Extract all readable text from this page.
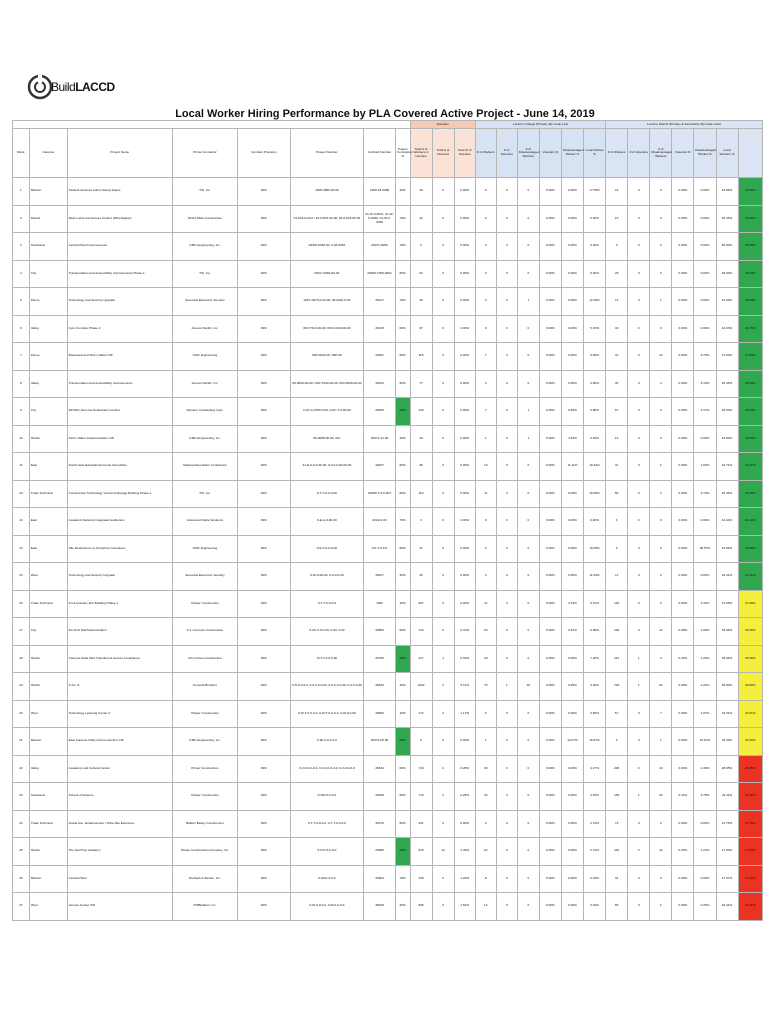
BuildLACCD
Local Worker Hiring Performance by PLA Covered Active Project - June 14, 2019
								Veterans			Local to College (Primary Zip Code List)						Local to District (Primary & Secondary Zip Code Lists)						
Rank	Campus	Project Name	Prime Contractor	Contract Provision	Project Number	Contract Number	Project Completion %	Total # of Workers in Campus	Total # of Veterans	Total % of Veterans	# of Workers	# of Veterans	# of Disadvantaged Workers	Veterans %	Disadvantaged Worker %	Local Worker %	# of Workers	# of Veterans	# of Disadvantaged Workers	Veterans %	Disadvantaged Worker %	Local Workers %	
1	Mission	Student Services Admin Swing Space	TSI, Inc.	30%	19MI-0986-00-00	19MI-18-0986	30%	49	0	0.00%	0	0	0	0.00%	0.00%	77.55%	21	0	0	0.00%	0.00%	42.86%	42.86%
2	District	Rear Locks and Access Control (Pilot Region)	World Wide Construction	30%	01-DIS-0-00-0 / 01-0-DIS-00-00, 01-0-DIS-00-00	01-W-0-0021, 01-W-0-0026, 01-W-0-0038	70%	22	0	0.00%	0	0	0	0.00%	0.00%	0.00%	10	0	0	0.00%	0.00%	45.45%	45.45%
3	Southwest	Central Plant Improvements	GMC Engineering, Inc.	30%	06SW-0038-00, 0-06-0062	20071-0050	70%	5	0	0.00%	0	0	0	0.00%	0.00%	0.00%	3	0	0	0.00%	0.00%	60.00%	60.00%
4	City	Transportation and Accessibility Improvements Phase 1	TSI, Inc.	30%	06CC-0069-00-00	20066-T000-0001	80%	63	0	0.00%	0	0	0	0.00%	0.00%	0.00%	29	0	0	0.00%	0.00%	46.03%	46.03%
5	Pierce	Technology and Security Upgrade	Securitas Electronic Security	30%	19PL-0075-0-02-00, 06-0061-0-00	33017	70%	25	0	0.00%	3	0	1	0.00%	0.00%	12.00%	11	0	1	0.00%	0.00%	44.00%	44.00%
6	Valley	Gym Complex Phase 2	Access Pacific, Inc.	30%	06V-T5-D-00-00, 06V-0-000-00-00	33015	60%	97	0	0.00%	0	0	0	0.00%	0.00%	5.15%	43	0	0	0.00%	0.00%	44.33%	44.33%
7	Pierce	Boulevard and Storm Water CIP	GMC Engineering	30%	06P-0062-00, 06P-00	34061	60%	115	0	0.00%	7	0	0	0.00%	0.00%	6.09%	41	0	10	0.00%	8.70%	47.83%	47.83%
8	Valley	Transportation and Accessibility Improvements	Access Pacific, Inc.	30%	06-0060-00-00 / 06V-T020-00-00, 06V-0000-00-00	34032	50%	77	0	0.00%	3	0	0	0.00%	0.00%	3.90%	35	0	4	0.00%	5.19%	45.45%	45.45%
9	City	Wrh/RG Net Line Pedestrian Corridor	Western Contracting Corp.	30%	0-0C-A-0758-0-00, 0-0C-T-0-00-00	33826	90%	144	0	0.00%	7	0	1	0.00%	0.69%	4.86%	67	0	6	0.00%	4.17%	46.53%	46.53%
10	Harbor	Storm Water Implementation CIP	GMC Engineering, Inc.	30%	06-0088-00-00, 06L	20072-12-00	40%	29	0	0.00%	1	0	1	0.00%	3.45%	3.45%	13	0	0	0.00%	0.00%	44.83%	44.83%
11	East	South Gate Educational Center Demolition	National Demolition Contractors	30%	21-E-0-0-0-00-00, 0-0-0-0-00-00-00	34027	60%	96	0	0.00%	10	0	0	0.00%	11.11%	10.42%	41	0	1	0.00%	1.04%	42.71%	42.71%
12	Trade Technical	Construction Technology Yard and Storage Building Phase 1	TSI, Inc.	30%	0-T-T-0-0-0-00	20068-T-0-0-00T	80%	110	0	0.00%	11	0	0	0.00%	9.09%	10.00%	50	0	3	0.00%	2.73%	45.45%	45.45%
13	East	Academic Network Integrated Auditorium	Advanced Cable Solutions	30%	0-E-A-0-00-00	2022-0-00	70%	3	0	0.00%	0	0	0	0.00%	0.00%	0.00%	4	0	0	0.00%	0.00%	44.44%	44.44%
14	East	Site Restrictions on Nonprime Completes	GMC Engineering	30%	0-E-T-0-0-0-00	0-0-T-0-0-0	60%	21	0	0.00%	0	0	0	0.00%	0.00%	19.05%	9	0	0	0.00%	28.57%	42.86%	42.86%
15	West	Technology and Security Upgrade	Securitas Electronic Security	30%	0-W-0-00-00, 0-0-0-0-00	33017	40%	26	0	0.00%	3	0	0	0.00%	0.00%	11.54%	11	0	0	0.00%	0.00%	42.31%	42.31%
16	Trade Technical	Art & Culinary Arts Building Phase 1	Harper Construction	30%	0-T-T-0-0-0-0	39M	10%	207	0	0.00%	11	0	0	0.00%	3.76%	5.31%	120	0	0	0.00%	2.42%	37.68%	37.68%
17	City	Da Vinci Hall Modernization	S.J. Amoroso Construction	30%	0-0C-0-0-0-00, 0-0C-T-00	33883	80%	715	0	0.70%	20	0	0	0.00%	0.42%	6.99%	193	0	14	0.28%	1.96%	35.66%	35.66%
18	Harbor	Campus-Wide ADA Transition & Access Compliance	Omni Rose Construction	30%	0-H-T-0-0-0-00	33795	99%	317	1	0.32%	29	0	0	0.00%	0.00%	7.26%	114	1	4	0.32%	1.26%	35.96%	35.96%
19	Harbor	S.A.L.S.	Kemeda Brothers	30%	0-H-0-0-0-0, 0-0-0-0-0-00, 0-0-0-0-0-00, 0-0-0-0-00	33844	30%	1902	2	0.11%	75	1	18	0.05%	0.95%	4.00%	700	1	24	0.05%	1.26%	36.80%	36.80%
20	West	Technology Learning Center 2	Harper Construction	30%	0-W-T-0-0-0-0, 0-W-T-0-0-0-0, 0-W-0-0-00	33806	10%	172	2	1.17%	6	0	0	0.00%	0.00%	4.65%	57	0	7	0.00%	4.07%	34.01%	34.01%
21	Mission	East Campus Utility Interconnection CIP	GMC Engineering, Inc.	30%	0-MI-0-0-0-0-0	20072-MI-00	90%	6	0	0.00%	1	0	0	0.00%	16.67%	16.67%	2	0	1	0.00%	16.67%	33.33%	33.33%
22	Valley	Academic and Cultural Center	Pinner Construction	30%	0-V-0-0-0-0-0, 0-V-0-0-0-0-0, 0-V-0-0-0-0	33844	60%	719	2	0.28%	30	0	0	0.00%	0.00%	4.17%	206	0	10	0.00%	1.39%	28.65%	28.65%
23	Southwest	School of Science	Harper Construction	30%	0-SW-0-0-0-0	33348	60%	719	2	0.28%	32	0	0	0.00%	0.00%	4.45%	159	1	20	0.14%	2.78%	22.11%	22.11%
24	Trade Technical	Grand Ave. Enhancement / Olive Site Extension	Balfour Beatty Construction	30%	0-T-T-0-0-0-0, 0-T-T-0-0-0-0	33376	60%	331	0	0.00%	9	0	0	0.00%	0.00%	2.72%	72	0	0	0.00%	0.00%	21.75%	21.75%
25	Harbor	The Net Prep Academy	Harper Construction Company, Inc.	30%	0-H-0-0-0-0-0	34980	90%	810	12	1.48%	22	0	0	0.00%	0.00%	2.72%	142	2	10	0.25%	1.23%	17.53%	17.53%
26	Mission	Central Plant	Rudolph & Sletten, Inc.	30%	0-MI-0-0-0-0	33384	70%	159	2	1.26%	8	0	0	0.00%	0.00%	5.03%	44	0	0	0.00%	0.00%	27.67%	27.67%
27	West	Venues Center CIP	PWBuilders, Inc.	30%	0-W-0-0-0-0, 0-W-0-0-0-0	39028	20%	396	6	1.52%	12	0	0	0.00%	0.00%	3.03%	65	0	1	0.00%	0.25%	16.41%	16.41%
